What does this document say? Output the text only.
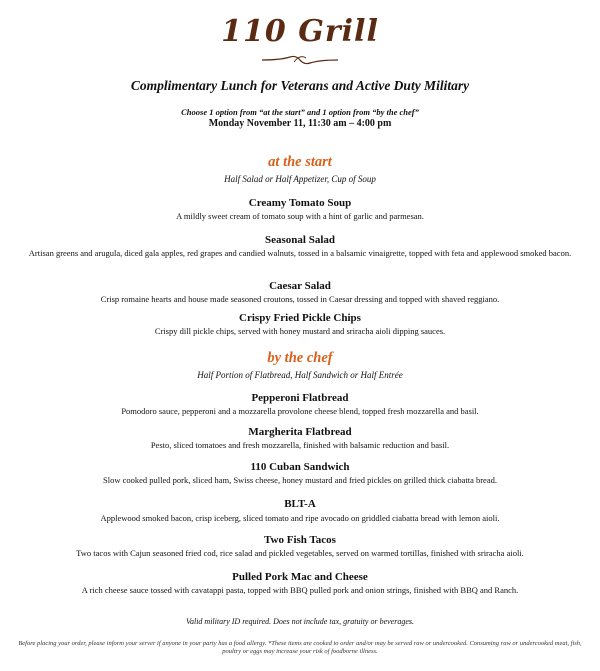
110 Grill
Complimentary Lunch for Veterans and Active Duty Military
Choose 1 option from “at the start” and 1 option from “by the chef”
Monday November 11, 11:30 am – 4:00 pm
at the start
Half Salad or Half Appetizer, Cup of Soup
Creamy Tomato Soup
A mildly sweet cream of tomato soup with a hint of garlic and parmesan.
Seasonal Salad
Artisan greens and arugula, diced gala apples, red grapes and candied walnuts, tossed in a balsamic vinaigrette, topped with feta and applewood smoked bacon.
Caesar Salad
Crisp romaine hearts and house made seasoned croutons, tossed in Caesar dressing and topped with shaved reggiano.
Crispy Fried Pickle Chips
Crispy dill pickle chips, served with honey mustard and sriracha aioli dipping sauces.
by the chef
Half Portion of Flatbread, Half Sandwich or Half Entrée
Pepperoni Flatbread
Pomodoro sauce, pepperoni and a mozzarella provolone cheese blend, topped fresh mozzarella and basil.
Margherita Flatbread
Pesto, sliced tomatoes and fresh mozzarella, finished with balsamic reduction and basil.
110 Cuban Sandwich
Slow cooked pulled pork, sliced ham, Swiss cheese, honey mustard and fried pickles on grilled thick ciabatta bread.
BLT-A
Applewood smoked bacon, crisp iceberg, sliced tomato and ripe avocado on griddled ciabatta bread with lemon aioli.
Two Fish Tacos
Two tacos with Cajun seasoned fried cod, rice salad and pickled vegetables, served on warmed tortillas, finished with sriracha aioli.
Pulled Pork Mac and Cheese
A rich cheese sauce tossed with cavatappi pasta, topped with BBQ pulled pork and onion strings, finished with BBQ and Ranch.
Valid military ID required. Does not include tax, gratuity or beverages.
Before placing your order, please inform your server if anyone in your party has a food allergy. *These items are cooked to order and/or may be served raw or undercooked. Consuming raw or undercooked meat, fish, poultry or eggs may increase your risk of foodborne illness.
